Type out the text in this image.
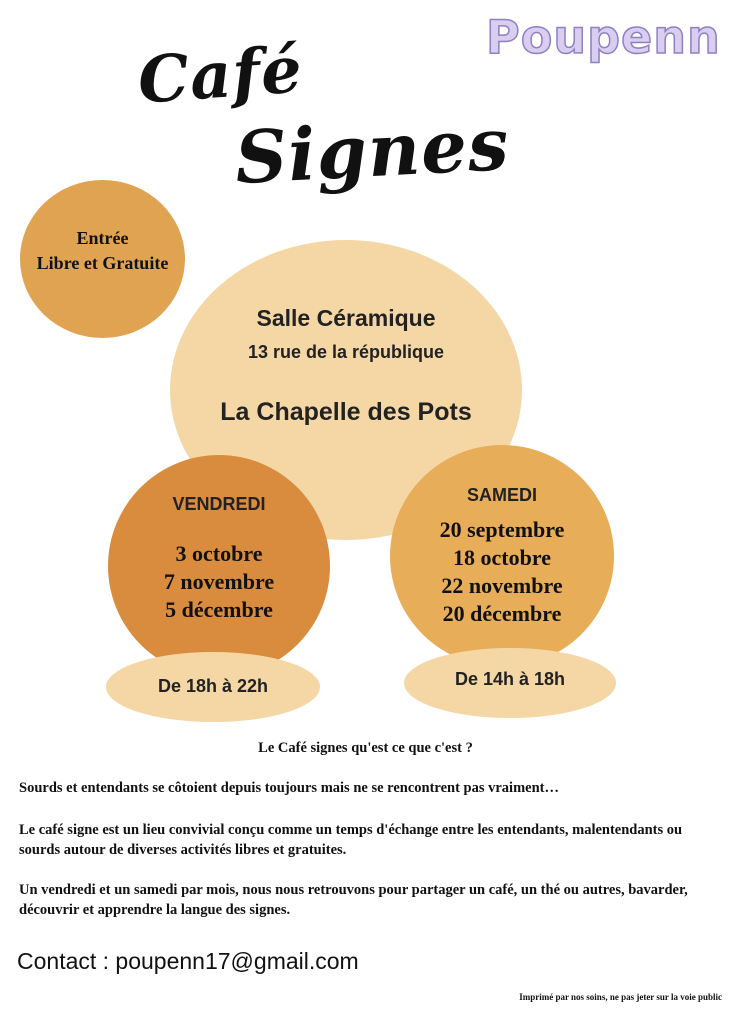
Café
Signes
Poupenn
Entrée
Libre et Gratuite
Salle Céramique
13 rue de la république
La Chapelle des Pots
VENDREDI
3 octobre
7 novembre
5 décembre
SAMEDI
20 septembre
18 octobre
22 novembre
20 décembre
De 18h à 22h	De 14h à 18h
Le Café signes qu'est ce que c'est ?
Sourds et entendants se côtoient depuis toujours mais ne se rencontrent pas vraiment…
Le café signe est un lieu convivial conçu comme un temps d'échange entre les entendants, malentendants ou sourds autour de diverses activités libres et gratuites.
Un vendredi et un samedi par mois, nous nous retrouvons pour partager un café, un thé ou autres, bavarder, découvrir et apprendre la langue des signes.
Contact : poupenn17@gmail.com
Imprimé par nos soins, ne pas jeter sur la voie public
